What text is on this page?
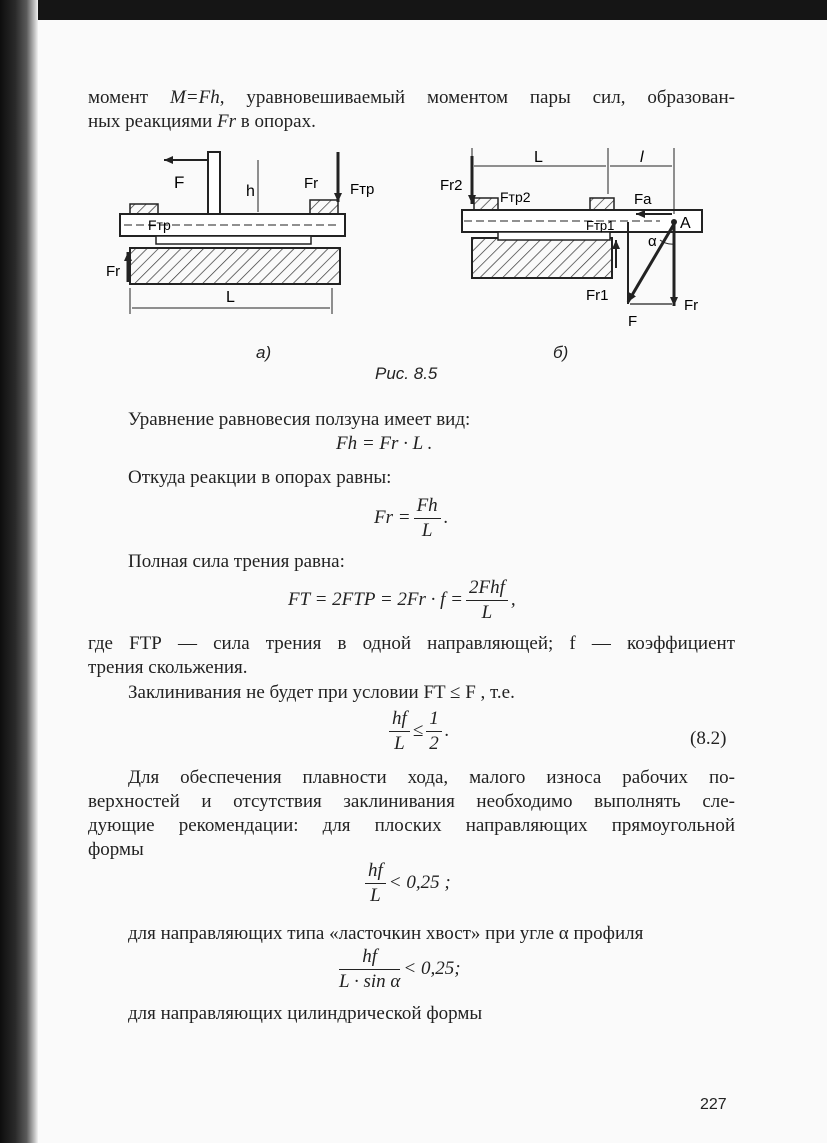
момент M=Fh, уравновешиваемый моментом пары сил, образован-
ных реакциями Fr в опорах.
F	h	Fr Fтр
Fтр
Fr
L
L	l
Fr2
Fтр2	Fa
Fтр1	A
α
Fr1
Fr
F
а)	б)
Рис. 8.5
Уравнение равновесия ползуна имеет вид:
Fh = Fr · L .
Откуда реакции в опорах равны:
$Fr = \frac{Fh}{L}$ .
Полная сила трения равна:
FT = $2FTP = 2Fr \cdot f = \frac{\text{2Fhf}}{L}$ ,
где FТР — сила трения в одной направляющей; f — коэффициент
трения скольжения.
Заклинивания не будет при условии FT ≤ F , т.е.
$\frac{hf}{L} \le \frac{1}{2}$ .	(8.2)
Для обеспечения плавности хода, малого износа рабочих по-
верхностей и отсутствия заклинивания необходимо выполнять сле-
дующие рекомендации: для плоских направляющих прямоугольной
формы
$\frac{hf}{L} < 0,25$ ;
для направляющих типа «ласточкин хвост» при угле α профиля
$\frac{hf}{\text{L · sin α}} < 0,25$;
для направляющих цилиндрической формы
227
